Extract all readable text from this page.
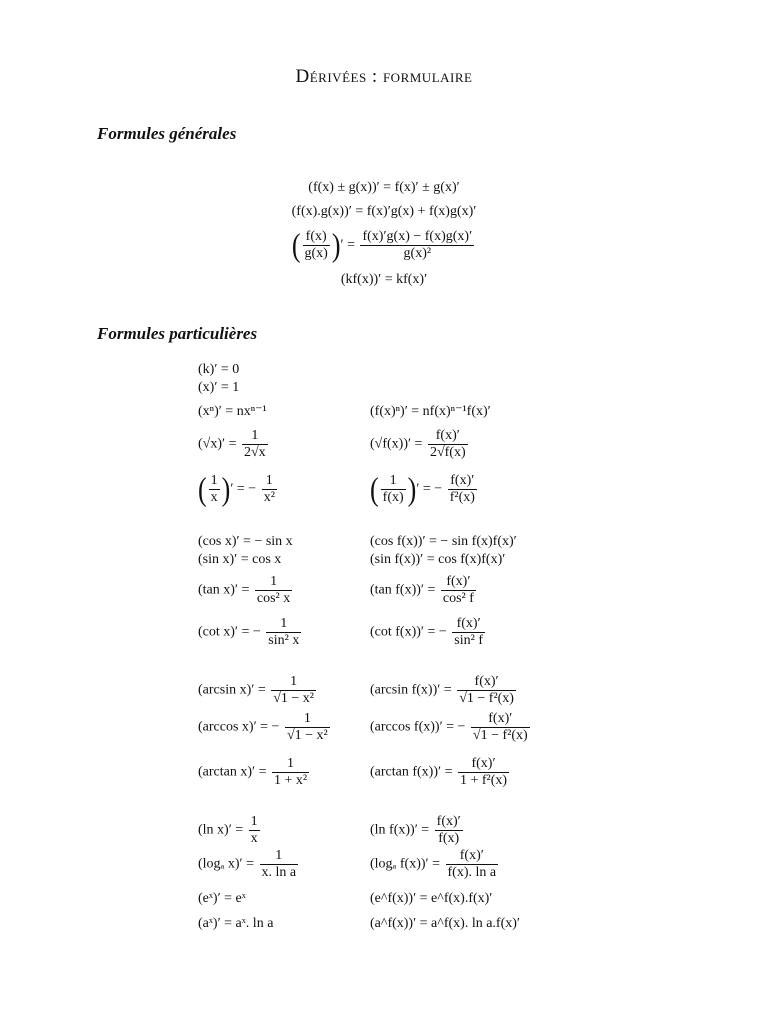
Dérivées : formulaire
Formules générales
(f(x) ± g(x))′ = f(x)′ ± g(x)′
(f(x).g(x))′ = f(x)′g(x) + f(x)g(x)′
( $\frac{f(x)}{g(x)}$ )′ = $\frac{f(x)'g(x) - f(x)g(x)'}{\text{g(x)²}}$
(kf(x))′ = kf(x)′
Formules particulières
(k)′ = 0
(x)′ = 1
(xⁿ)′ = nxⁿ⁻¹	(f(x)ⁿ)′ = nf(x)ⁿ⁻¹f(x)′
$(√x)' = \frac{1}{2√x}$	$(√f(x))' = \frac{f(x)'}{2√f(x)}$
( $\frac{1}{x}$ )′ = − $\frac{1}{\text{x²}}$	( $\frac{1}{f(x)}$ )′ = − $\frac{f(x)'}{\text{f²(x)}}$
(cos x)′ = − sin x	(cos f(x))′ = − sin f(x)f(x)′
(sin x)′ = cos x	(sin f(x))′ = cos f(x)f(x)′
(tan $x)' = \frac{1}{\text{cos² x}}$	(tan $f(x))' = \frac{f(x)'}{\text{cos² f}}$
(cot x)′ = − $\frac{1}{\text{sin² x}}$	(cot f(x))′ = − $\frac{f(x)'}{\text{sin² f}}$
(arcsin $x)' = \frac{1}{\text{√1 − x²}}$	(arcsin $f(x))' = \frac{f(x)'}{\text{√1 − f²(x)}}$
(arccos x)′ = − $\frac{1}{\text{√1 − x²}}$	(arccos f(x))′ = − $\frac{f(x)'}{\text{√1 − f²(x)}}$
(arctan $x)' = \frac{1}{\text{1 + x²}}$	(arctan $f(x))' = \frac{f(x)'}{\text{1 + f²(x)}}$
(ln $x)' = \frac{1}{x}$	(ln $f(x))' = \frac{f(x)'}{f(x)}$
(logₐ $x)' = \frac{1}{\text{x. ln a}}$	(logₐ $f(x))' = \frac{f(x)'}{\text{f(x). ln a}}$
(eˣ)′ = eˣ	(e^f(x))′ = e^f(x).f(x)′
(aˣ)′ = aˣ. ln a	(a^f(x))′ = a^f(x). ln a.f(x)′
